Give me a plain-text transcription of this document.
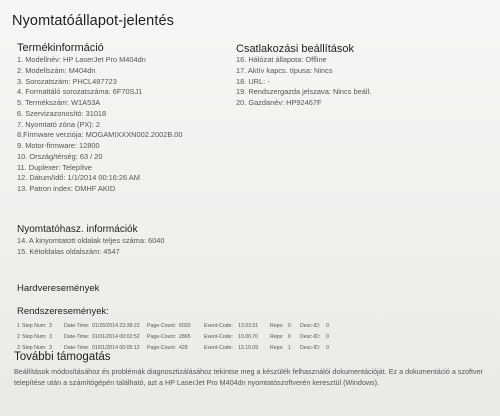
Nyomtatóállapot-jelentés
Termékinformáció
1. Modellnév: HP LaserJet Pro M404dn
2. Modellszám: M404dn
3. Sorozatszám: PHCL487723
4. Formattáló sorozatszáma: 6F70SJ1
5. Termékszám: W1A53A
6. Szervizazonosító: 31018
7. Nyomtató zóna (PX): 2
8.Firmware verziója: MOGAMIXXXN002.2002B.00
9. Motor-firmware: 12800
10. Ország/térség: 63 / 20
11. Duplexer: Telepítve
12. Dátum/Idő: 1/1/2014 00:16:26 AM
13. Patron index: DMHF AKID
Csatlakozási beállítások
16. Hálózat állapota: Offline
17. Aktív kapcs. típusa: Nincs
18. URL: -
19. Rendszergazda jelszava: Nincs beáll.
20. Gazdanév: HP92467F
Nyomtatóhasz. információk
14. A kinyomtatott oldalak teljes száma: 6040
15. Kétoldalas oldalszám: 4547
Hardveresemények
Rendszeresemények:
1 Step Num: 3 Date-Time: 01/26/2014 23:38:22 Page-Count: 6020	Event-Code: 13.03.51 Reps: 0 Desc-ID: 0
2 Step Num: 3 Date-Time: 01/01/2014 00:02:52 Page-Count: 2865	Event-Code: 10.00.70 Reps: 0 Desc-ID: 0
3 Step Num: 3 Date-Time: 01/01/2014 00:05:12 Page-Count: 428	Event-Code: 13.10.09 Reps: 1 Desc-ID: 0
További támogatás
Beállítások módosításához és problémák diagnosztizálásához tekintse meg a készülék felhasználói dokumentációját. Ez a dokumentáció a szoftver telepítése után a számítógépén található, azt a HP LaserJet Pro M404dn nyomtatószoftverén keresztül (Windows).
